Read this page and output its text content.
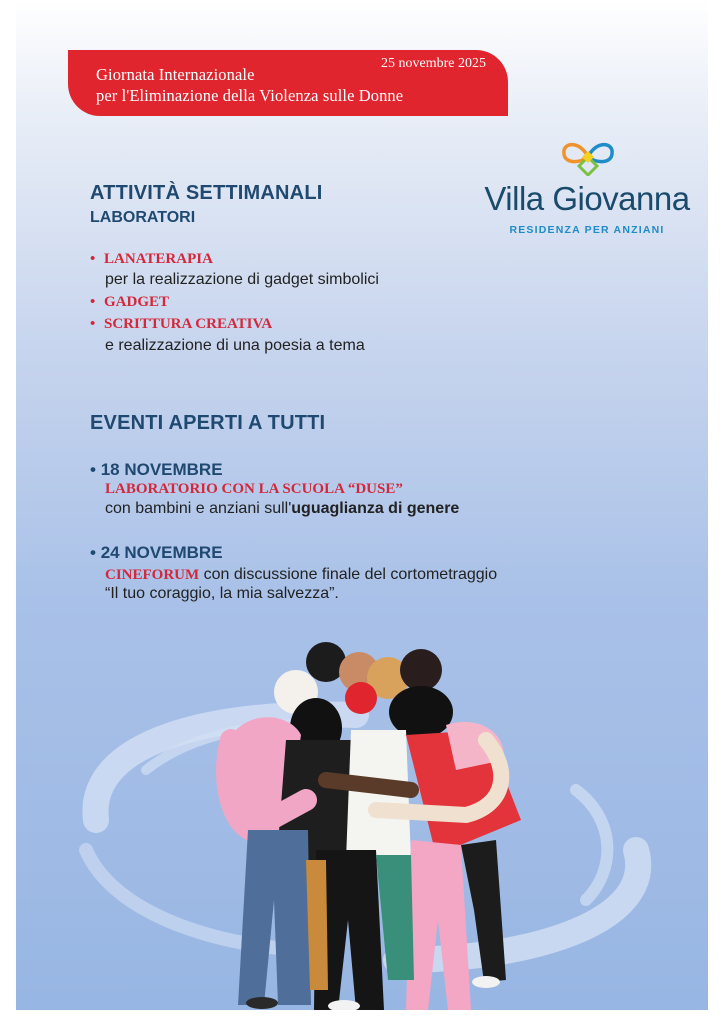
Giornata Internazionale
per l'Eliminazione della Violenza sulle Donne
25 novembre 2025
Villa Giovanna
RESIDENZA PER ANZIANI
ATTIVITÀ SETTIMANALI
LABORATORI
• LANATERAPIA
per la realizzazione di gadget simbolici
• GADGET
• SCRITTURA CREATIVA
e realizzazione di una poesia a tema
EVENTI APERTI A TUTTI
• 18 NOVEMBRE
LABORATORIO CON LA SCUOLA “DUSE”
con bambini e anziani sull'uguaglianza di genere
• 24 NOVEMBRE
CINEFORUM con discussione finale del cortometraggio
“Il tuo coraggio, la mia salvezza”.
